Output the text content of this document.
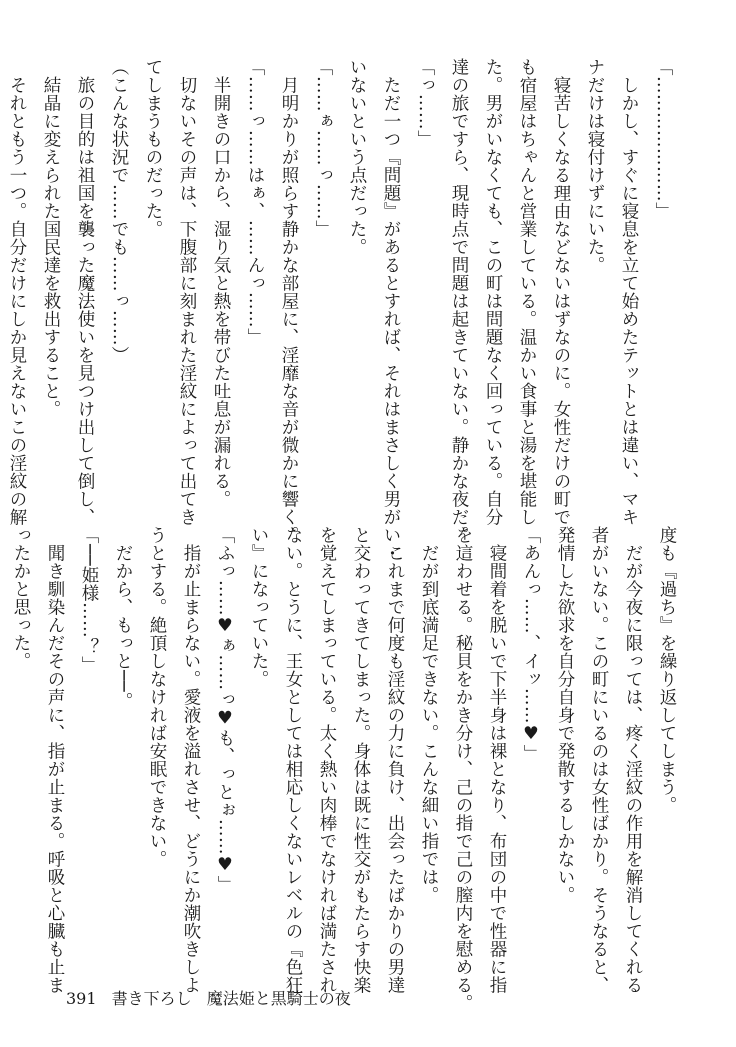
「…………………」
　しかし、すぐに寝息を立て始めたテットとは違い、マキ
ナだけは寝付けずにいた。
　寝苦しくなる理由などないはずなのに。女性だけの町で
も宿屋はちゃんと営業している。温かい食事と湯を堪能し
た。男がいなくても、この町は問題なく回っている。自分
達の旅ですら、現時点で問題は起きていない。静かな夜だ。
「っ……」
　ただ一つ『問題』があるとすれば、それはまさしく男がい・
いないという点だった。
「……ぁ……っ……」
　月明かりが照らす静かな部屋に、淫靡な音が微かに響く。
「……っ……はぁ、……んっ……」
　半開きの口から、湿り気と熱を帯びた吐息が漏れる。
　切ないその声は、下腹部に刻まれた淫紋によって出てき
てしまうものだった。
（こんな状況で……でも……っ……）
　旅の目的は祖国を襲った魔法使いを見つけ出して倒し、
　結晶に変えられた国民達を救出すること。
　それともう一つ。自分だけにしか見えないこの淫紋の解
度も『過ち』を繰り返してしまう。
　だが今夜に限っては、疼く淫紋の作用を解消してくれる
者がいない。この町にいるのは女性ばかり。そうなると、
発情した欲求を自分自身で発散するしかない。
「あんっ……、イッ……♥」
　寝間着を脱いで下半身は裸となり、布団の中で性器に指
を這わせる。秘貝をかき分け、己の指で己の膣内を慰める。
　だが到底満足できない。こんな細い指では。
　これまで何度も淫紋の力に負け、出会ったばかりの男達
と交わってきてしまった。身体は既に性交がもたらす快楽
を覚えてしまっている。太く熱い肉棒でなければ満たされ
ない。とうに、王女としては相応しくないレベルの『色狂
い』になっていた。
「ふっ……♥ぁ……っ♥も、っとぉ……♥」
　指が止まらない。愛液を溢れさせ、どうにか潮吹きしよ
うとする。絶頂しなければ安眠できない。
　だから、もっと──。
「──姫様……？」
　聞き馴染んだその声に、指が止まる。呼吸と心臓も止ま
ったかと思った。
391 書き下ろし 魔法姫と黒騎士の夜
